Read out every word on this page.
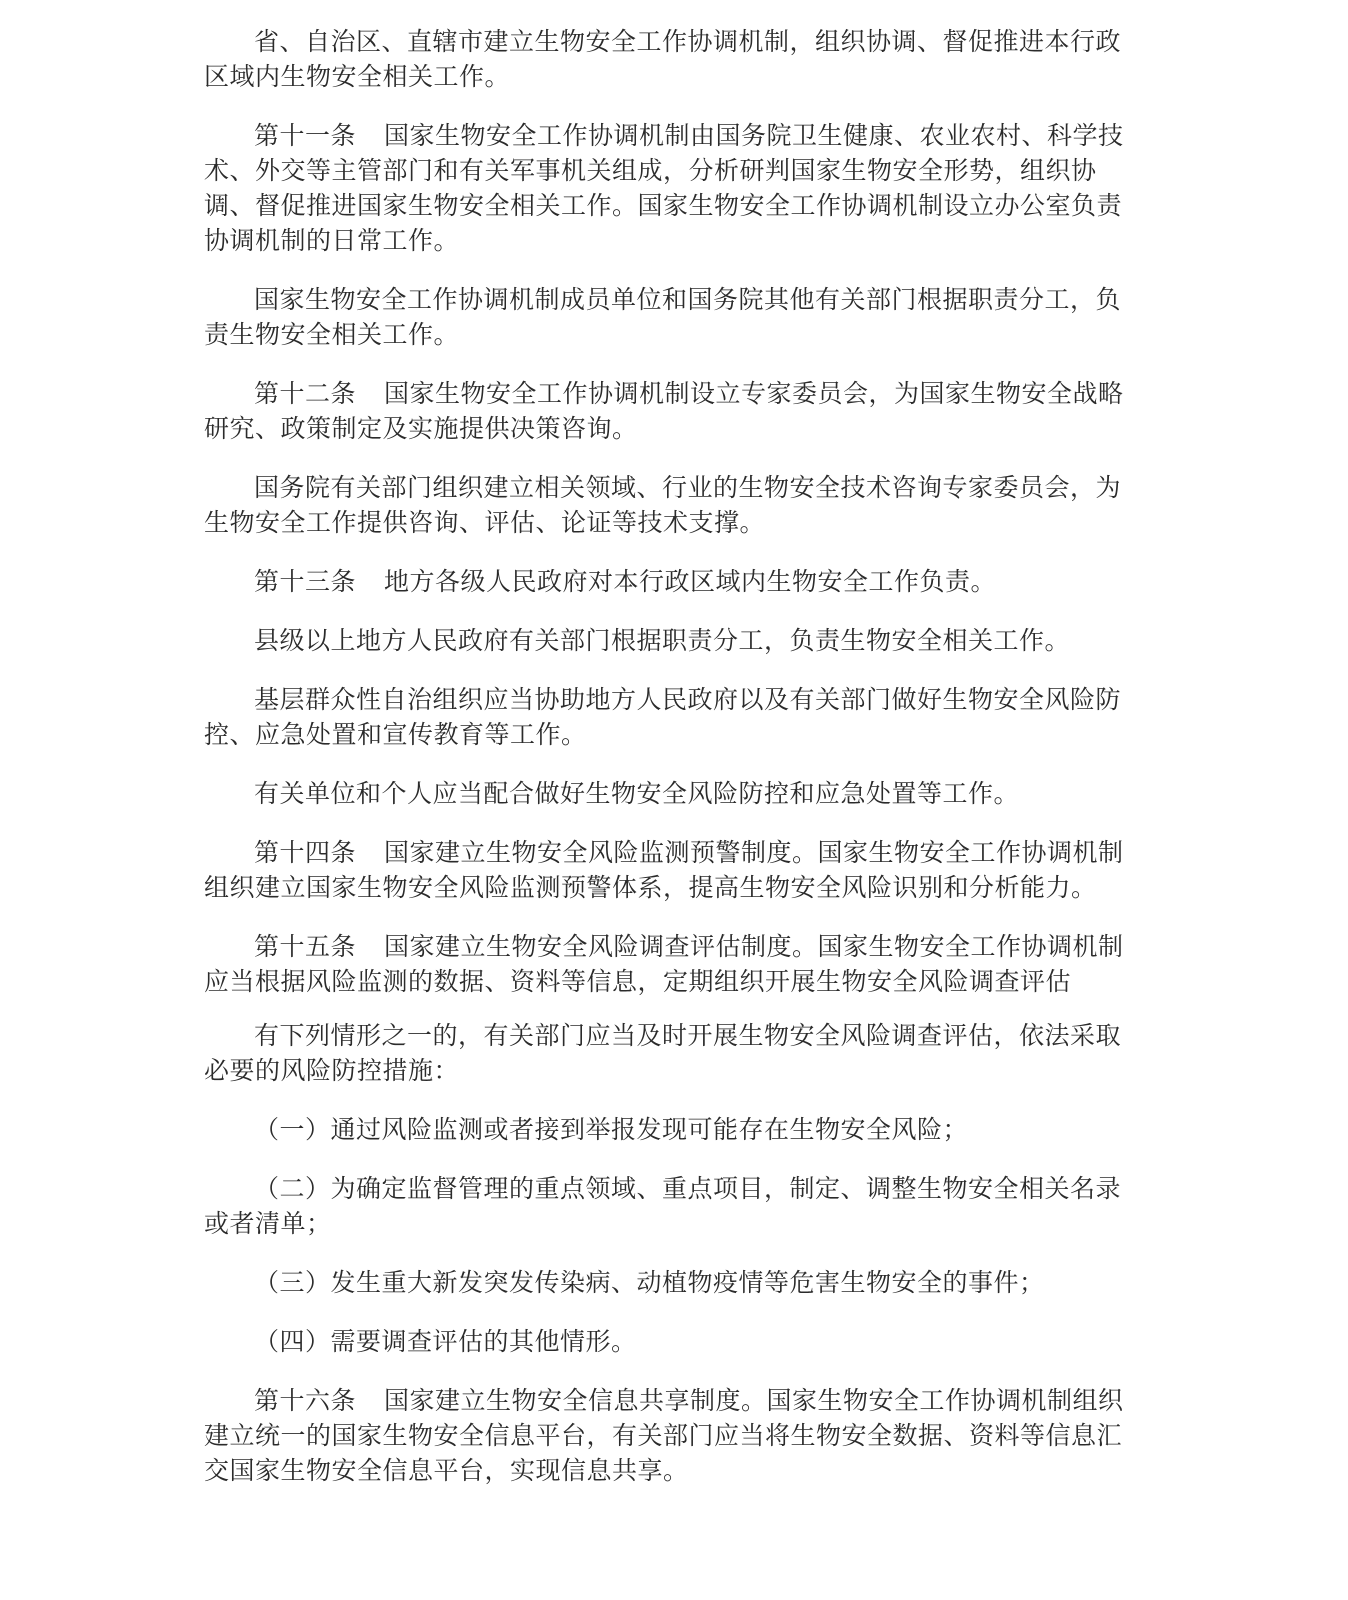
省、自治区、直辖市建立生物安全工作协调机制，组织协调、督促推进本行政区域内生物安全相关工作。

第十一条 国家生物安全工作协调机制由国务院卫生健康、农业农村、科学技术、外交等主管部门和有关军事机关组成，分析研判国家生物安全形势，组织协调、督促推进国家生物安全相关工作。国家生物安全工作协调机制设立办公室负责协调机制的日常工作。

国家生物安全工作协调机制成员单位和国务院其他有关部门根据职责分工，负责生物安全相关工作。

第十二条 国家生物安全工作协调机制设立专家委员会，为国家生物安全战略研究、政策制定及实施提供决策咨询。

国务院有关部门组织建立相关领域、行业的生物安全技术咨询专家委员会，为生物安全工作提供咨询、评估、论证等技术支撑。

第十三条 地方各级人民政府对本行政区域内生物安全工作负责。

县级以上地方人民政府有关部门根据职责分工，负责生物安全相关工作。

基层群众性自治组织应当协助地方人民政府以及有关部门做好生物安全风险防控、应急处置和宣传教育等工作。

有关单位和个人应当配合做好生物安全风险防控和应急处置等工作。

第十四条 国家建立生物安全风险监测预警制度。国家生物安全工作协调机制组织建立国家生物安全风险监测预警体系，提高生物安全风险识别和分析能力。

第十五条 国家建立生物安全风险调查评估制度。国家生物安全工作协调机制应当根据风险监测的数据、资料等信息，定期组织开展生物安全风险调查评估

有下列情形之一的，有关部门应当及时开展生物安全风险调查评估，依法采取必要的风险防控措施：

（一）通过风险监测或者接到举报发现可能存在生物安全风险；

（二）为确定监督管理的重点领域、重点项目，制定、调整生物安全相关名录或者清单；

（三）发生重大新发突发传染病、动植物疫情等危害生物安全的事件；

（四）需要调查评估的其他情形。

第十六条 国家建立生物安全信息共享制度。国家生物安全工作协调机制组织建立统一的国家生物安全信息平台，有关部门应当将生物安全数据、资料等信息汇交国家生物安全信息平台，实现信息共享。
